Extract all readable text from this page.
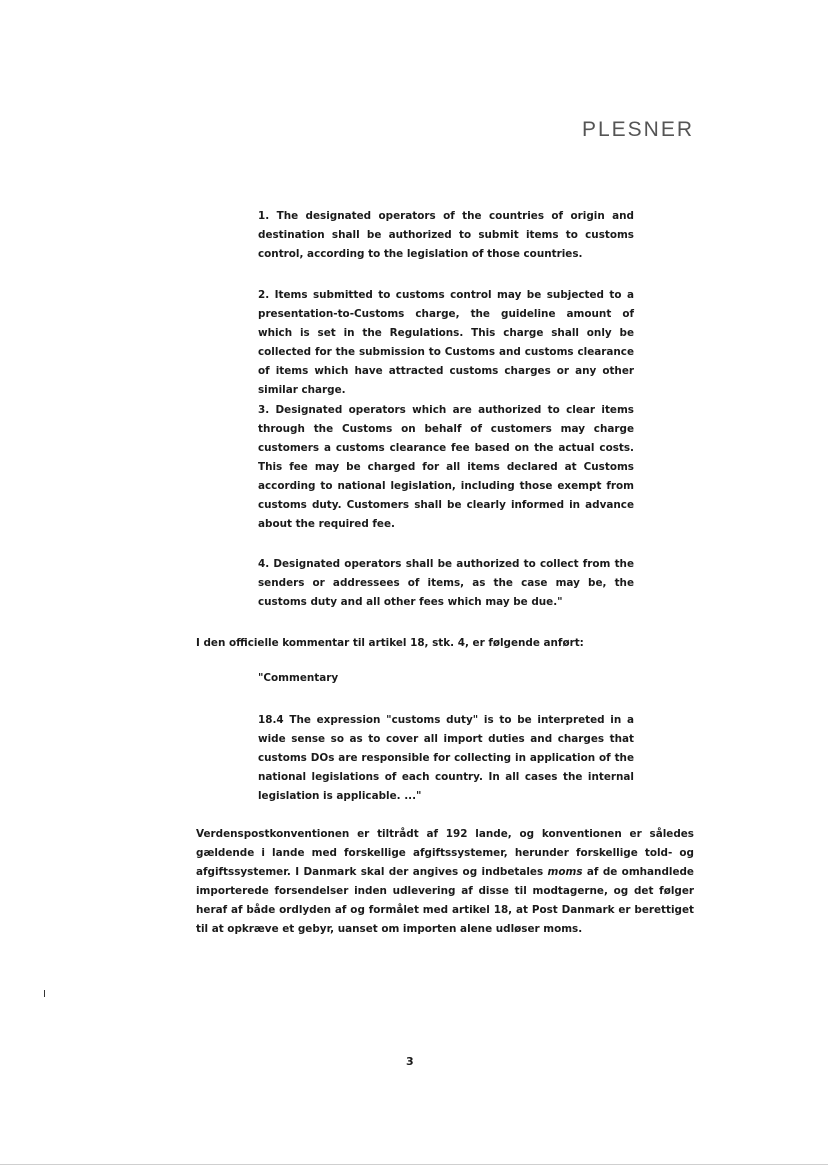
PLESNER

1. The designated operators of the countries of origin and destination shall be authorized to submit items to customs control, according to the legislation of those countries.

2. Items submitted to customs control may be subjected to a presentation-to-Customs charge, the guideline amount of which is set in the Regulations. This charge shall only be collected for the submission to Customs and customs clearance of items which have attracted customs charges or any other similar charge.

3. Designated operators which are authorized to clear items through the Customs on behalf of customers may charge customers a customs clearance fee based on the actual costs. This fee may be charged for all items declared at Customs according to national legislation, including those exempt from customs duty. Customers shall be clearly informed in advance about the required fee.

4. Designated operators shall be authorized to collect from the senders or addressees of items, as the case may be, the customs duty and all other fees which may be due."

I den officielle kommentar til artikel 18, stk. 4, er følgende anført:

"Commentary

18.4 The expression "customs duty" is to be interpreted in a wide sense so as to cover all import duties and charges that customs DOs are responsible for collecting in application of the national legislations of each country. In all cases the internal legislation is applicable. ..."

Verdenspostkonventionen er tiltrådt af 192 lande, og konventionen er således gældende i lande med forskellige afgiftssystemer, herunder forskellige told- og afgiftssystemer. I Danmark skal der angives og indbetales moms af de omhandlede importerede forsendelser inden udlevering af disse til modtagerne, og det følger heraf af både ordlyden af og formålet med artikel 18, at Post Danmark er berettiget til at opkræve et gebyr, uanset om importen alene udløser moms.

3
